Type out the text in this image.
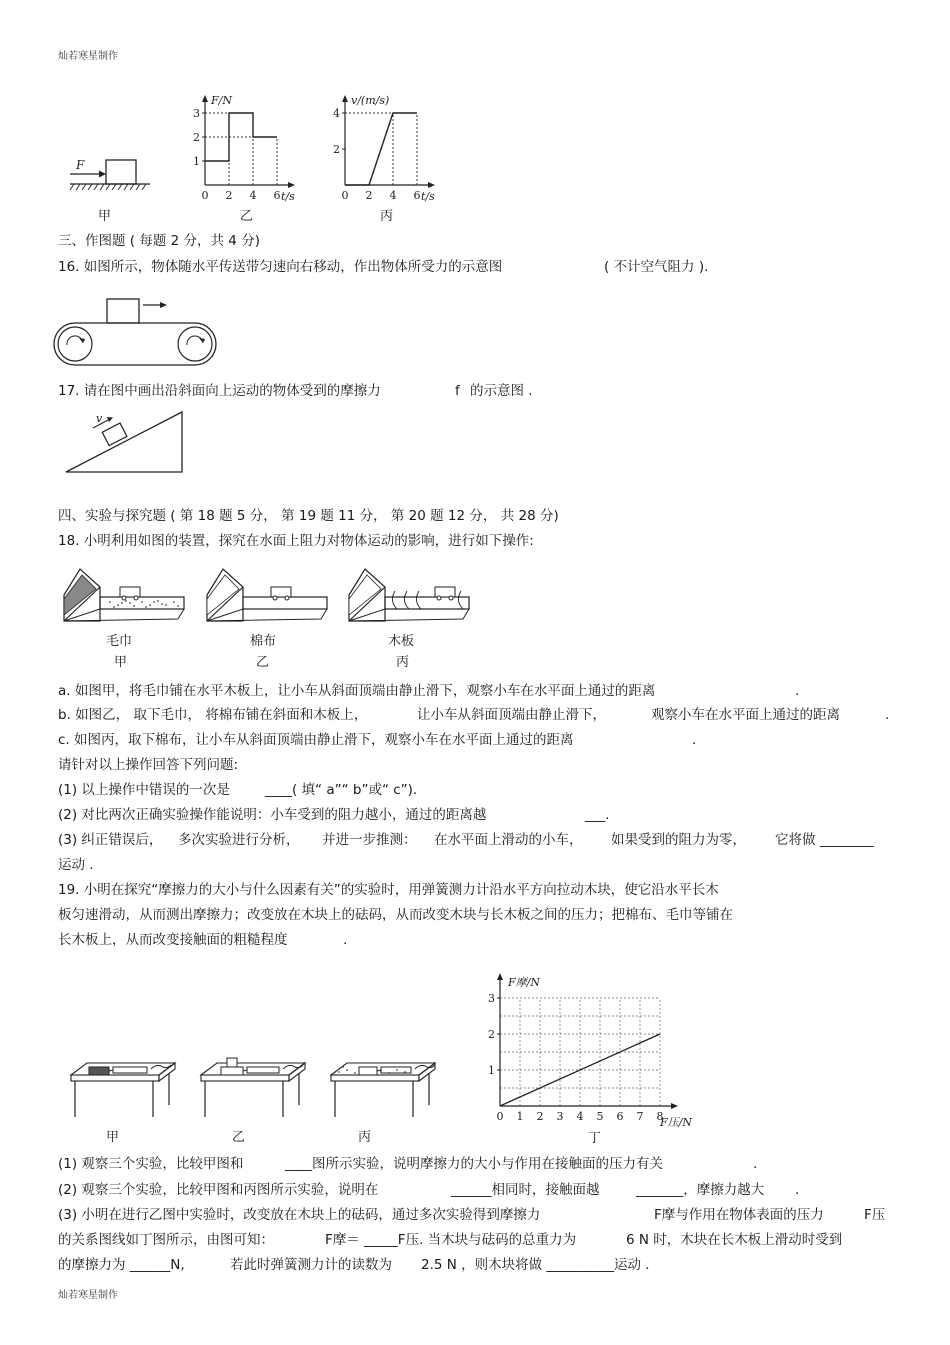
灿若寒星制作
灿若寒星制作
F
甲
1
2
3
0 2 4 6
F/N
t/s
乙
2
4
0 2 4 6
v/(m/s)
t/s
丙
三、作图题 ( 每题 2 分，共 4 分)
16. 如图所示，物体随水平传送带匀速向右移动，作出物体所受力的示意图	( 不计空气阻力 ).
17. 请在图中画出沿斜面向上运动的物体受到的摩擦力	f 的示意图 .
v
四、实验与探究题 ( 第 18 题 5 分， 第 19 题 11 分， 第 20 题 12 分， 共 28 分)
18. 小明利用如图的装置，探究在水面上阻力对物体运动的影响，进行如下操作:
毛巾
甲
棉布
乙
木板
丙
a. 如图甲，将毛巾铺在水平木板上，让小车从斜面顶端由静止滑下，观察小车在水平面上通过的距离	.
b. 如图乙， 取下毛巾， 将棉布铺在斜面和木板上，	让小车从斜面顶端由静止滑下，	观察小车在水平面上通过的距离	.
c. 如图丙，取下棉布，让小车从斜面顶端由静止滑下，观察小车在水平面上通过的距离	.
请针对以上操作回答下列问题:
(1) 以上操作中错误的一次是	____( 填“ a”“ b”或“ c”).
(2) 对比两次正确实验操作能说明：小车受到的阻力越小，通过的距离越	___.
(3) 纠正错误后， 多次实验进行分析， 并进一步推测： 在水平面上滑动的小车， 如果受到的阻力为零， 它将做 ________
运动 .
19. 小明在探究“摩擦力的大小与什么因素有关”的实验时，用弹簧测力计沿水平方向拉动木块，使它沿水平长木
板匀速滑动，从而测出摩擦力；改变放在木块上的砝码，从而改变木块与长木板之间的压力；把棉布、毛巾等铺在
长木板上，从而改变接触面的粗糙程度	.
甲	乙	丙
1
2
3
0 1 2 3 4 5 6 7 8
F摩/N
F压/N
丁
(1) 观察三个实验，比较甲图和	____图所示实验，说明摩擦力的大小与作用在接触面的压力有关	.
(2) 观察三个实验，比较甲图和丙图所示实验，说明在	______相同时，接触面越	_______，摩擦力越大 .
(3) 小明在进行乙图中实验时，改变放在木块上的砝码，通过多次实验得到摩擦力	F摩与作用在物体表面的压力	F压
的关系图线如丁图所示，由图可知：	F摩＝ _____F压. 当木块与砝码的总重力为	6 N 时，木块在长木板上滑动时受到
的摩擦力为 ______N,	若此时弹簧测力计的读数为 2.5 N ，则木块将做 __________运动 .
